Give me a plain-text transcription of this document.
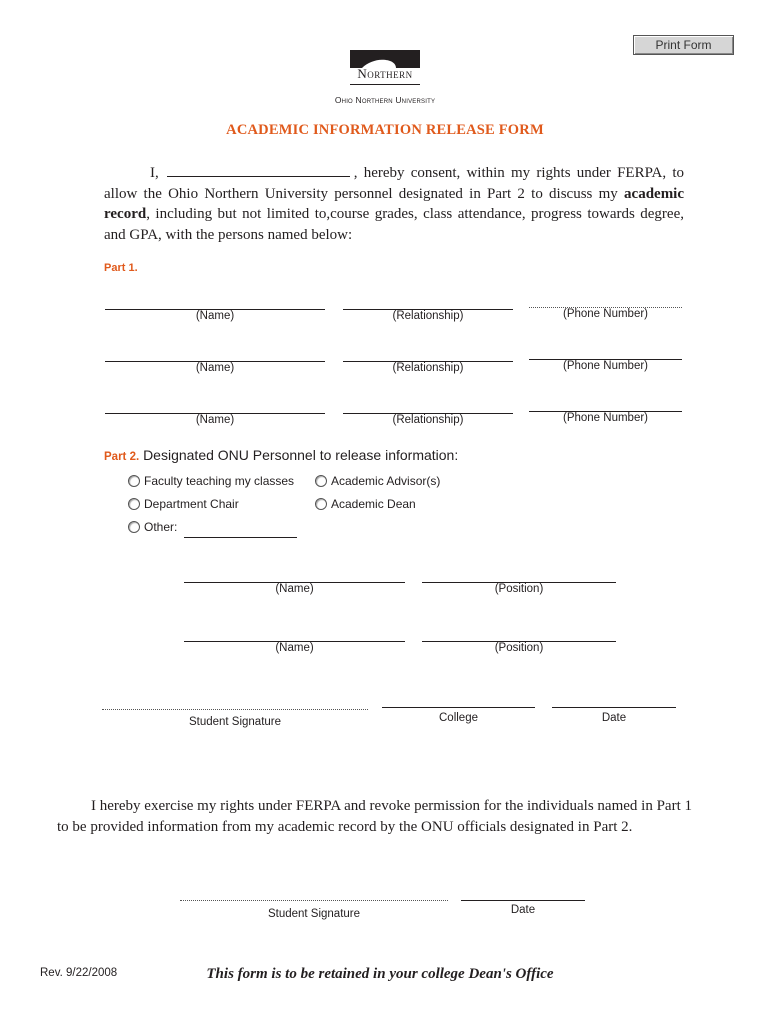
Print Form
Northern
Ohio Northern University
ACADEMIC INFORMATION RELEASE FORM
I,	, hereby consent, within my rights under FERPA, to allow the Ohio Northern University personnel designated in Part 2 to discuss my academic record, including but not limited to,course grades, class attendance, progress towards degree, and GPA, with the persons named below:
Part 1.
(Name)	(Relationship)	(Phone Number)
(Name)	(Relationship)	(Phone Number)
(Name)	(Relationship)	(Phone Number)
Part 2. Designated ONU Personnel to release information:
Faculty teaching my classes	Academic Advisor(s)
Department Chair	Academic Dean
Other:
(Name)	(Position)
(Name)	(Position)
Student Signature	College	Date
I hereby exercise my rights under FERPA and revoke permission for the individuals named in Part 1 to be provided information from my academic record by the ONU officials designated in Part 2.
Student Signature	Date
Rev. 9/22/2008	This form is to be retained in your college Dean's Office
